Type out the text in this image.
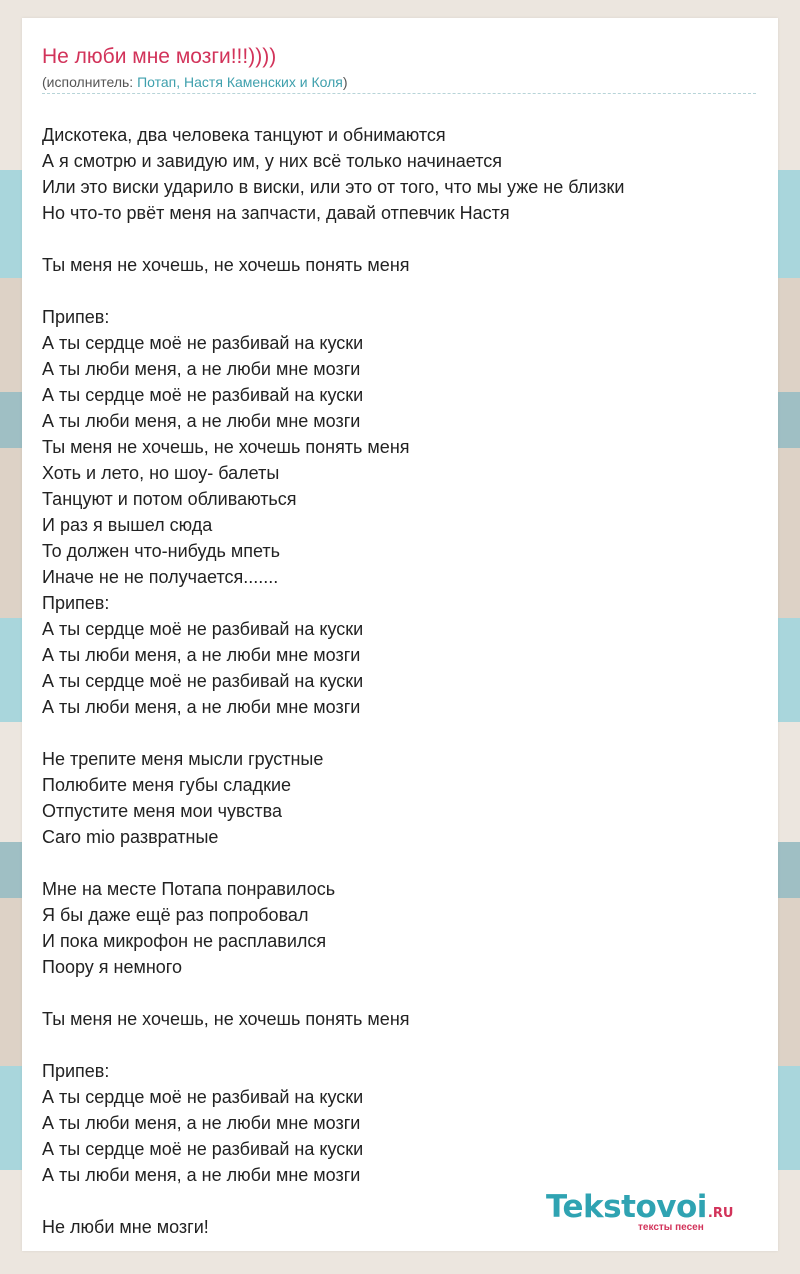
Не люби мне мозги!!!))))
(исполнитель: Потап, Настя Каменских и Коля)
Дискотека, два человека танцуют и обнимаются
А я смотрю и завидую им, у них всё только начинается
Или это виски ударило в виски, или это от того, что мы уже не близки
Но что-то рвёт меня на запчасти, давай отпевчик Настя
Ты меня не хочешь, не хочешь понять меня
Припев:
А ты сердце моё не разбивай на куски
А ты люби меня, а не люби мне мозги
А ты сердце моё не разбивай на куски
А ты люби меня, а не люби мне мозги
Ты меня не хочешь, не хочешь понять меня
Хоть и лето, но шоу- балеты
Танцуют и потом обливаються
И раз я вышел сюда
То должен что-нибудь мпеть
Иначе не не получается.......
Припев:
А ты сердце моё не разбивай на куски
А ты люби меня, а не люби мне мозги
А ты сердце моё не разбивай на куски
А ты люби меня, а не люби мне мозги
Не трепите меня мысли грустные
Полюбите меня губы сладкие
Отпустите меня мои чувства
Caro mio развратные
Мне на месте Потапа понравилось
Я бы даже ещё раз попробовал
И пока микрофон не расплавился
Поору я немного
Ты меня не хочешь, не хочешь понять меня
Припев:
А ты сердце моё не разбивай на куски
А ты люби меня, а не люби мне мозги
А ты сердце моё не разбивай на куски
А ты люби меня, а не люби мне мозги
Не люби мне мозги!
Tekstovoi.RU
тексты песен
